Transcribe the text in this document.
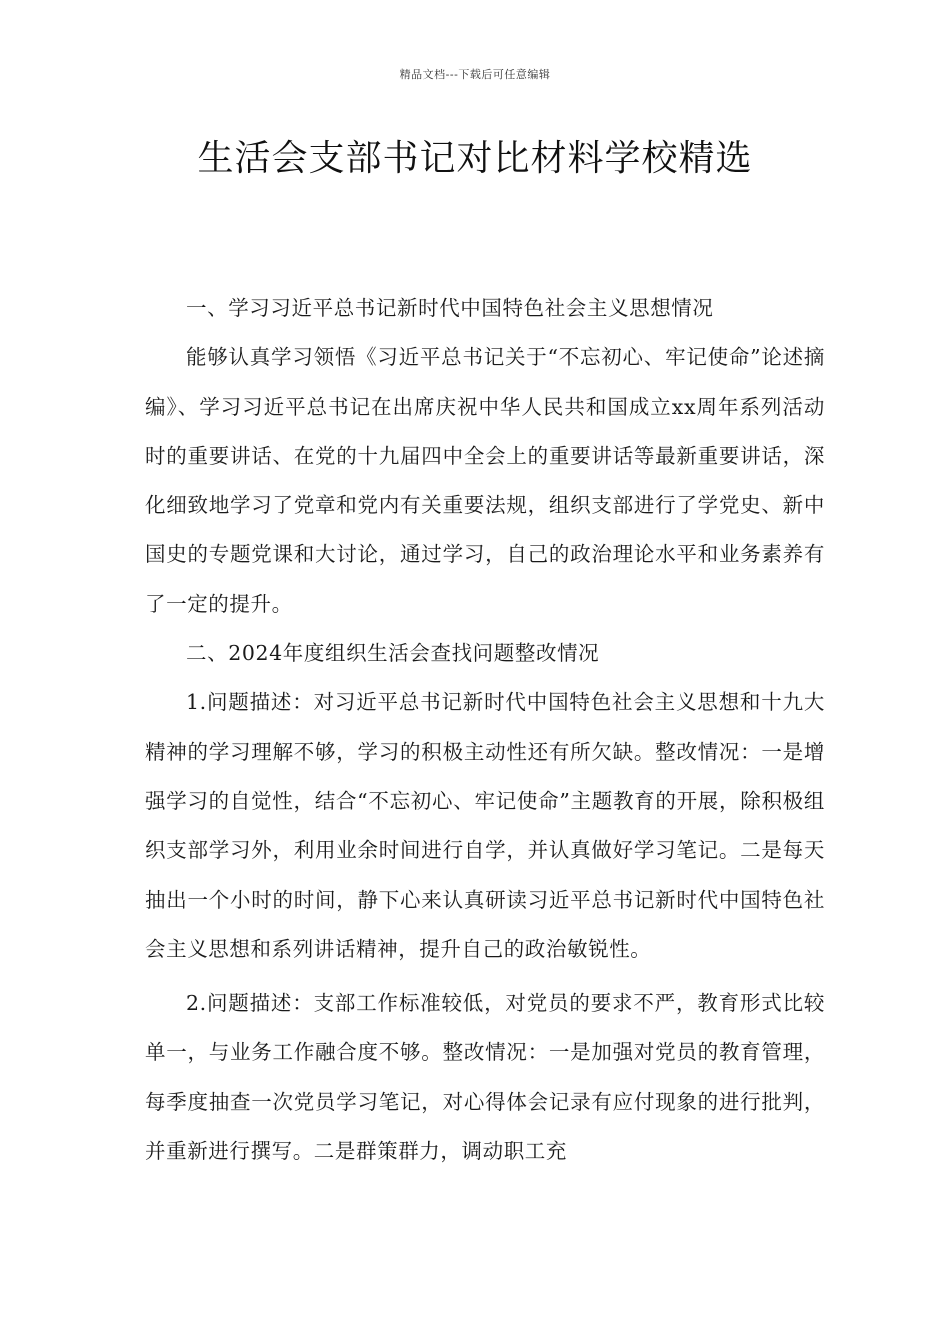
精品文档---下载后可任意编辑
生活会支部书记对比材料学校精选

一、学习习近平总书记新时代中国特色社会主义思想情况

能够认真学习领悟《习近平总书记关于“不忘初心、牢记使命”论述摘编》、学习习近平总书记在出席庆祝中华人民共和国成立xx周年系列活动时的重要讲话、在党的十九届四中全会上的重要讲话等最新重要讲话，深化细致地学习了党章和党内有关重要法规，组织支部进行了学党史、新中国史的专题党课和大讨论，通过学习，自己的政治理论水平和业务素养有了一定的提升。

二、2024年度组织生活会查找问题整改情况

1.问题描述：对习近平总书记新时代中国特色社会主义思想和十九大精神的学习理解不够，学习的积极主动性还有所欠缺。整改情况：一是增强学习的自觉性，结合“不忘初心、牢记使命”主题教育的开展，除积极组织支部学习外，利用业余时间进行自学，并认真做好学习笔记。二是每天抽出一个小时的时间，静下心来认真研读习近平总书记新时代中国特色社会主义思想和系列讲话精神，提升自己的政治敏锐性。

2.问题描述：支部工作标准较低，对党员的要求不严，教育形式比较单一，与业务工作融合度不够。整改情况：一是加强对党员的教育管理，每季度抽查一次党员学习笔记，对心得体会记录有应付现象的进行批判，并重新进行撰写。二是群策群力，调动职工充
